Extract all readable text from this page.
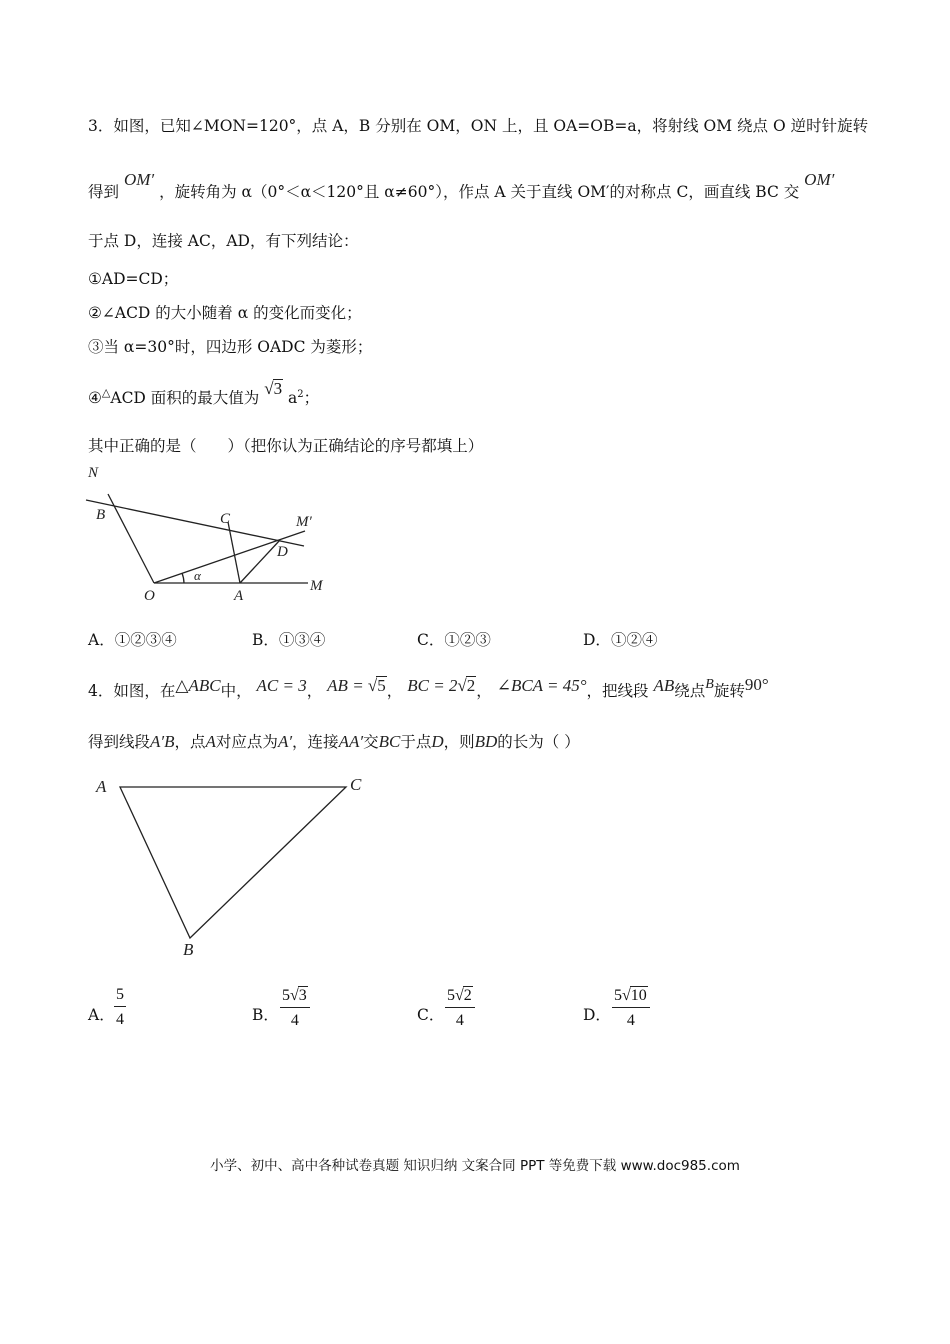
3．如图，已知∠MON=120°，点 A，B 分别在 OM，ON 上，且 OA=OB=a，将射线 OM 绕点 O 逆时针旋转
得到 OM′ ，旋转角为 α（0°＜α＜120°且 α≠60°），作点 A 关于直线 OM′的对称点 C，画直线 BC 交 OM′
于点 D，连接 AC，AD，有下列结论：
①AD=CD；
②∠ACD 的大小随着 α 的变化而变化；
③当 α=30°时，四边形 OADC 为菱形；
④△ACD 面积的最大值为 √3 $a^2$；
其中正确的是（　　）（把你认为正确结论的序号都填上）
N
B	C	M′
D
α
O	A
M
A．①②③④	B．①③④	C．①②③	D．①②④
4．如图，在△ABC中， AC = 3， AB = √5， BC = 2√2， ∠BCA = 45°，把线段 AB绕点B旋转90°
得到线段A′B，点A对应点为A′，连接AA′交BC于点D，则BD的长为（ ）
A	C
B
A．
5
4	B．
5√3
4	C．
5√2
4	D．
5√10
4
小学、初中、高中各种试卷真题 知识归纳 文案合同 PPT 等免费下载 www.doc985.com
